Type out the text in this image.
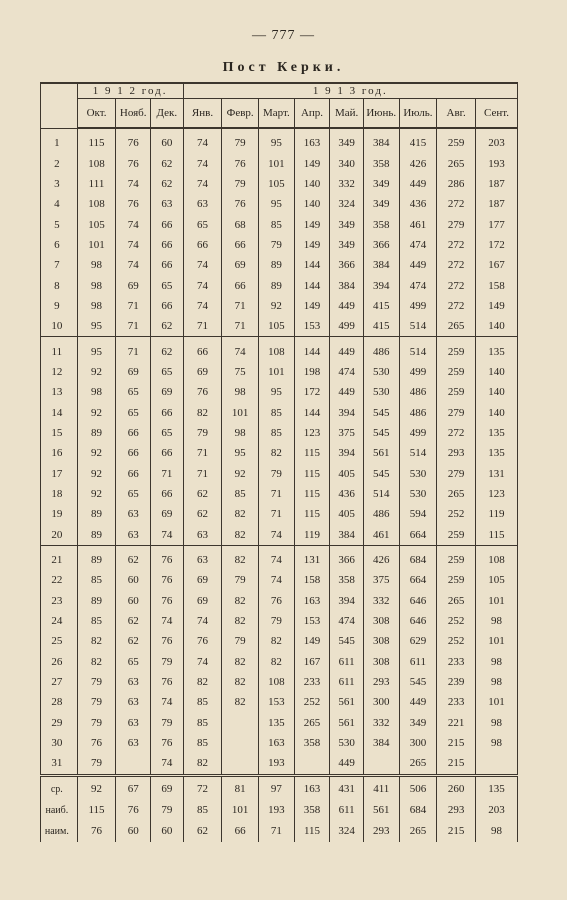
— 777 —
Пост Керки.
	1 9 1 2 год.			1 9 1 3 год.								
	Окт.	Нояб.	Дек.	Янв.	Февр.	Март.	Апр.	Май.	Июнь.	Июль.	Авг.	Сент.
1	115	76	60	74	79	95	163	349	384	415	259	203
2	108	76	62	74	76	101	149	340	358	426	265	193
3	111	74	62	74	79	105	140	332	349	449	286	187
4	108	76	63	63	76	95	140	324	349	436	272	187
5	105	74	66	65	68	85	149	349	358	461	279	177
6	101	74	66	66	66	79	149	349	366	474	272	172
7	98	74	66	74	69	89	144	366	384	449	272	167
8	98	69	65	74	66	89	144	384	394	474	272	158
9	98	71	66	74	71	92	149	449	415	499	272	149
10	95	71	62	71	71	105	153	499	415	514	265	140
11	95	71	62	66	74	108	144	449	486	514	259	135
12	92	69	65	69	75	101	198	474	530	499	259	140
13	98	65	69	76	98	95	172	449	530	486	259	140
14	92	65	66	82	101	85	144	394	545	486	279	140
15	89	66	65	79	98	85	123	375	545	499	272	135
16	92	66	66	71	95	82	115	394	561	514	293	135
17	92	66	71	71	92	79	115	405	545	530	279	131
18	92	65	66	62	85	71	115	436	514	530	265	123
19	89	63	69	62	82	71	115	405	486	594	252	119
20	89	63	74	63	82	74	119	384	461	664	259	115
21	89	62	76	63	82	74	131	366	426	684	259	108
22	85	60	76	69	79	74	158	358	375	664	259	105
23	89	60	76	69	82	76	163	394	332	646	265	101
24	85	62	74	74	82	79	153	474	308	646	252	98
25	82	62	76	76	79	82	149	545	308	629	252	101
26	82	65	79	74	82	82	167	611	308	611	233	98
27	79	63	76	82	82	108	233	611	293	545	239	98
28	79	63	74	85	82	153	252	561	300	449	233	101
29	79	63	79	85		135	265	561	332	349	221	98
30	76	63	76	85		163	358	530	384	300	215	98
31	79		74	82		193		449		265	215	
ср.	92	67	69	72	81	97	163	431	411	506	260	135
наиб.	115	76	79	85	101	193	358	611	561	684	293	203
наим.	76	60	60	62	66	71	115	324	293	265	215	98
